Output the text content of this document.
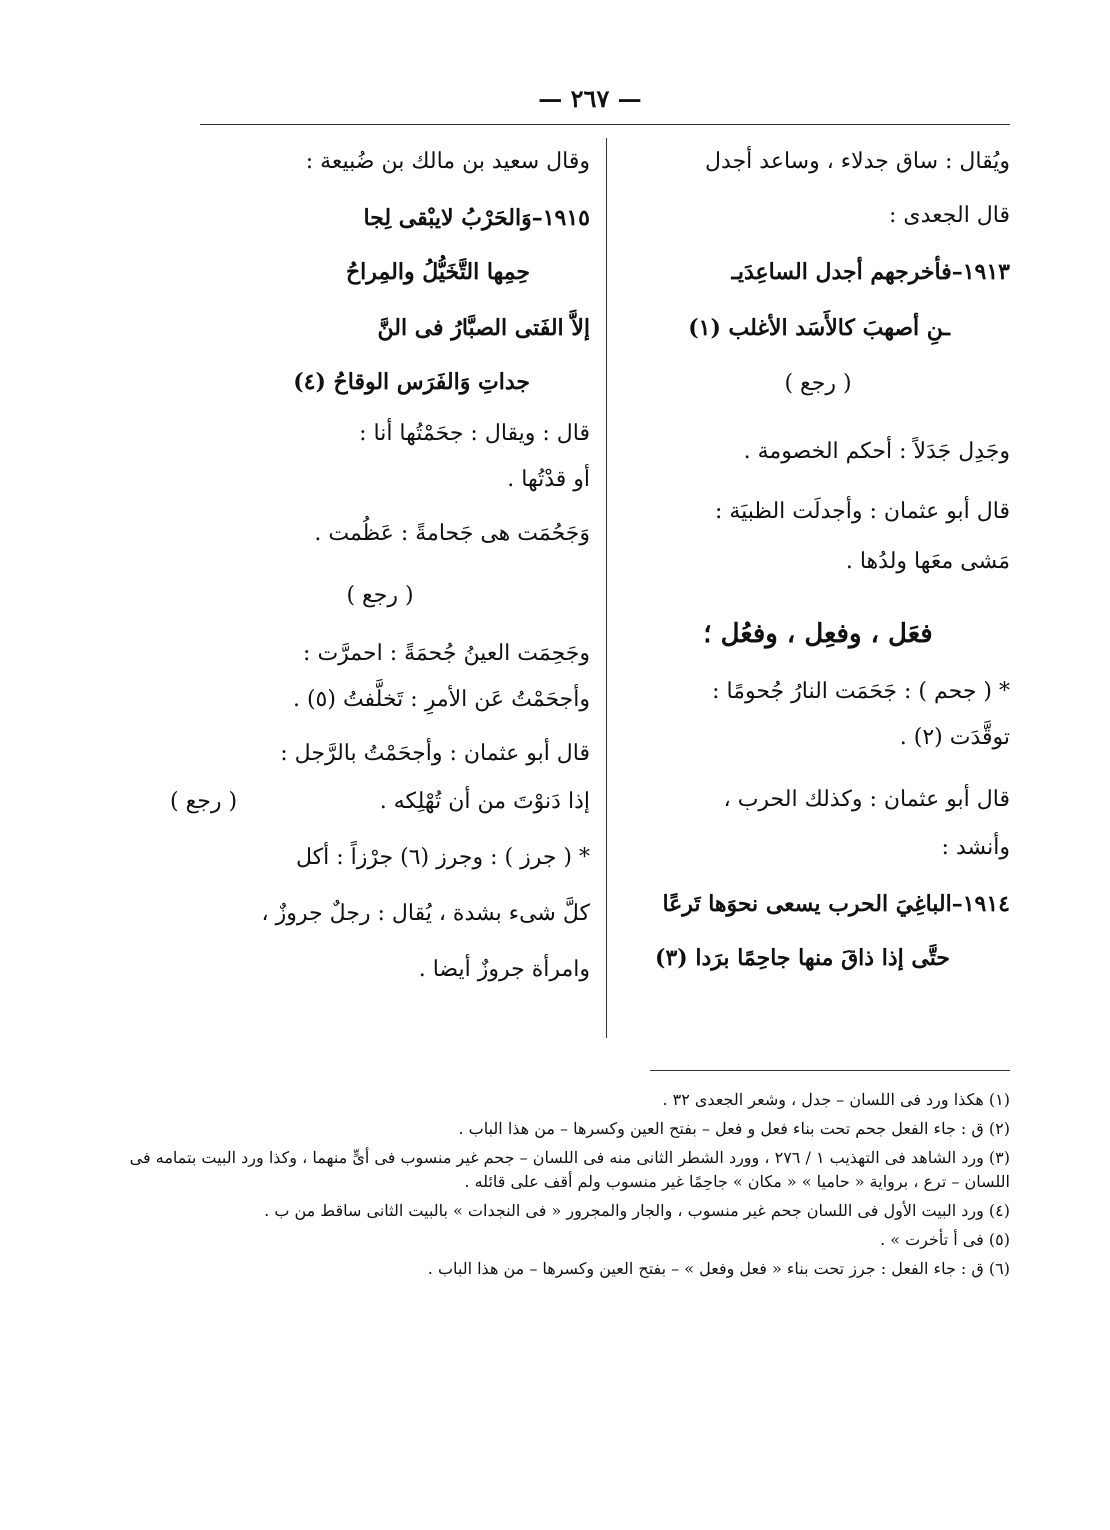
— ٢٦٧ —

ويُقال : ساق جدلاء ، وساعد أجدل

قال الجعدى :

١٩١٣–فأخرجهم أجدل الساعِدَيـ

ـنِ أصهبَ كالأَسَد الأغلب (١)

( رجع )

وجَدِل جَدَلاً : أحكم الخصومة .

قال أبو عثمان : وأجدلَت الظبيَة :

مَشى معَها ولدُها .

فعَل ، وفعِل ، وفعُل ؛

* ( جحم ) : جَحَمَت النارُ جُحومًا :

توقَّدَت (٢) .

قال أبو عثمان : وكذلك الحرب ،

وأنشد :

١٩١٤–الباغِيَ الحرب يسعى نحوَها تَرعًا

حتَّى إذا ذاقَ منها جاحِمًا برَدا (٣)

وقال سعيد بن مالك بن ضُبيعة :

١٩١٥–وَالحَرْبُ لايبْقى لِجا

حِمِها التَّخَيُّلُ والمِراحُ

إلاَّ الفَتى الصبَّارُ فى النَّ

جداتِ وَالفَرَس الوقاحُ (٤)

قال : ويقال : جحَمْتُها أنا :

أو قدْتُها .

وَجَحُمَت هى جَحامةً : عَظُمت .

( رجع )

وجَحِمَت العينُ جُحمَةً : احمرَّت :

وأجحَمْتُ عَن الأمرِ : تَخلَّفتُ (٥) .

قال أبو عثمان : وأجحَمْتُ بالرَّجل :

إذا دَنوْتَ من أن تُهْلِكه .

( رجع )

* ( جرز ) : وجرز (٦) جرْزاً : أكل

كلَّ شىء بشدة ، يُقال : رجلٌ جروزٌ ،

وامرأة جروزٌ أيضا .

(١) هكذا ورد فى اللسان – جدل ، وشعر الجعدى ٣٢ .

(٢) ق : جاء الفعل جحم تحت بناء فعل و فعل – بفتح العين وكسرها – من هذا الباب .

(٣) ورد الشاهد فى التهذيب ١ / ٢٧٦ ، وورد الشطر الثانى منه فى اللسان – جحم غير منسوب فى أىٍّ منهما ، وكذا ورد البيت بتمامه فى اللسان – ترع ، برواية « حاميا » « مكان » جاحِمًا غير منسوب ولم أقف على قائله .

(٤) ورد البيت الأول فى اللسان جحم غير منسوب ، والجار والمجرور « فى النجدات » بالبيت الثانى ساقط من ب .

(٥) فى أ تأخرت » .

(٦) ق : جاء الفعل : جرز تحت بناء « فعل وفعل » – بفتح العين وكسرها – من هذا الباب .
